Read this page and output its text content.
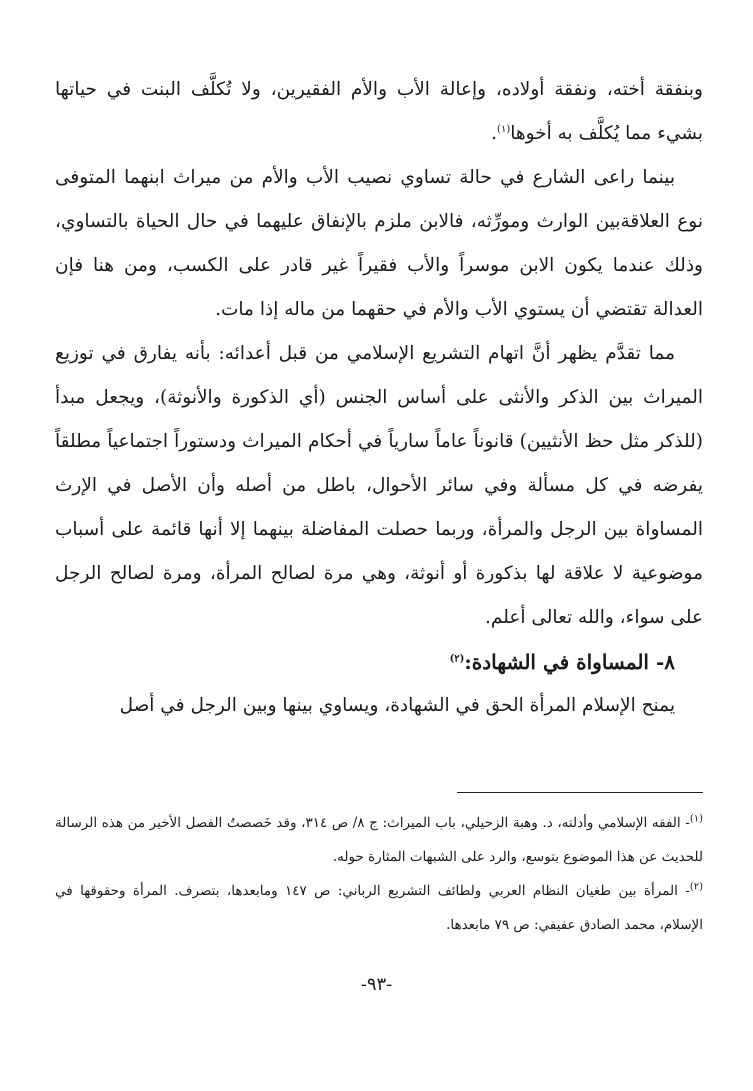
وبنفقة أخته، ونفقة أولاده، وإعالة الأب والأم الفقيرين، ولا تُكلَّف البنت في حياتها بشيء مما يُكلَّف به أخوها$^{(١)}$.

بينما راعى الشارع في حالة تساوي نصيب الأب والأم من ميراث ابنهما المتوفى نوع العلاقةبين الوارث ومورِّثه، فالابن ملزم بالإنفاق عليهما في حال الحياة بالتساوي، وذلك عندما يكون الابن موسراً والأب فقيراً غير قادر على الكسب، ومن هنا فإن العدالة تقتضي أن يستوي الأب والأم في حقهما من ماله إذا مات.

مما تقدَّم يظهر أنَّ اتهام التشريع الإسلامي من قبل أعدائه: بأنه يفارق في توزيع الميراث بين الذكر والأنثى على أساس الجنس (أي الذكورة والأنوثة)، ويجعل مبدأ (للذكر مثل حظ الأنثيين) قانوناً عاماً سارياً في أحكام الميراث ودستوراً اجتماعياً مطلقاً يفرضه في كل مسألة وفي سائر الأحوال، باطل من أصله وأن الأصل في الإرث المساواة بين الرجل والمرأة، وربما حصلت المفاضلة بينهما إلا أنها قائمة على أسباب موضوعية لا علاقة لها بذكورة أو أنوثة، وهي مرة لصالح المرأة، ومرة لصالح الرجل على سواء، والله تعالى أعلم.

٨- المساواة في الشهادة:$^{(٢)}$

يمنح الإسلام المرأة الحق في الشهادة، ويساوي بينها وبين الرجل في أصل

$^{(١)}$- الفقه الإسلامي وأدلته، د. وهبة الزحيلي، باب الميراث: ج ٨/ ص ٣١٤، وقد خَصصتُ الفصل الأخير من هذه الرسالة للحديث عن هذا الموضوع بتوسع، والرد على الشبهات المثارة حوله.

$^{(٢)}$- المرأة بين طغيان النظام العربي ولطائف التشريع الرباني: ص ١٤٧ ومابعدها، بتصرف. المرأة وحقوقها في الإسلام، محمد الصادق عفيفي: ص ٧٩ مابعدها.

-٩٣-
